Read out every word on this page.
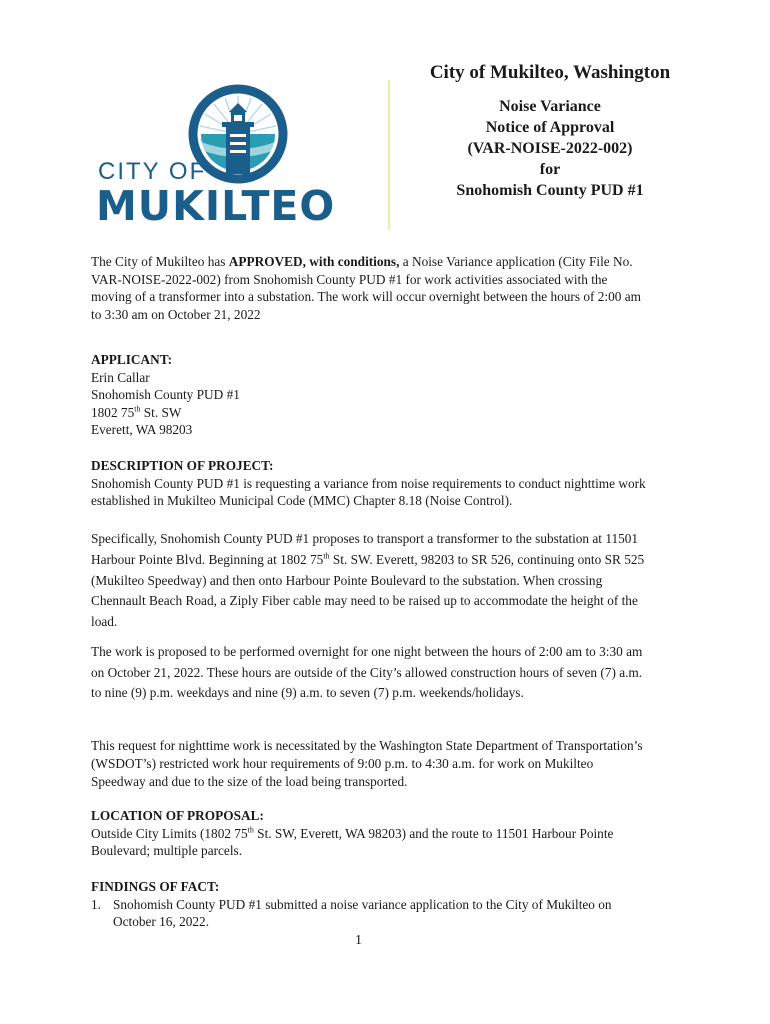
CITY OF
MUKILTEO
City of Mukilteo, Washington
Noise Variance
Notice of Approval
(VAR-NOISE-2022-002)
for
Snohomish County PUD #1

The City of Mukilteo has APPROVED, with conditions, a Noise Variance application (City File No. VAR-NOISE-2022-002) from Snohomish County PUD #1 for work activities associated with the moving of a transformer into a substation. The work will occur overnight between the hours of 2:00 am to 3:30 am on October 21, 2022

APPLICANT:
Erin Callar
Snohomish County PUD #1
1802 75th St. SW
Everett, WA 98203
DESCRIPTION OF PROJECT:

Snohomish County PUD #1 is requesting a variance from noise requirements to conduct nighttime work established in Mukilteo Municipal Code (MMC) Chapter 8.18 (Noise Control).

Specifically, Snohomish County PUD #1 proposes to transport a transformer to the substation at 11501 Harbour Pointe Blvd. Beginning at 1802 75th St. SW. Everett, 98203 to SR 526, continuing onto SR 525 (Mukilteo Speedway) and then onto Harbour Pointe Boulevard to the substation. When crossing Chennault Beach Road, a Ziply Fiber cable may need to be raised up to accommodate the height of the load.

The work is proposed to be performed overnight for one night between the hours of 2:00 am to 3:30 am on October 21, 2022. These hours are outside of the City’s allowed construction hours of seven (7) a.m. to nine (9) p.m. weekdays and nine (9) a.m. to seven (7) p.m. weekends/holidays.

This request for nighttime work is necessitated by the Washington State Department of Transportation’s (WSDOT’s) restricted work hour requirements of 9:00 p.m. to 4:30 a.m. for work on Mukilteo Speedway and due to the size of the load being transported.

LOCATION OF PROPOSAL:

Outside City Limits (1802 75th St. SW, Everett, WA 98203) and the route to 11501 Harbour Pointe Boulevard; multiple parcels.

FINDINGS OF FACT:
1. Snohomish County PUD #1 submitted a noise variance application to the City of Mukilteo on October 16, 2022.
1
